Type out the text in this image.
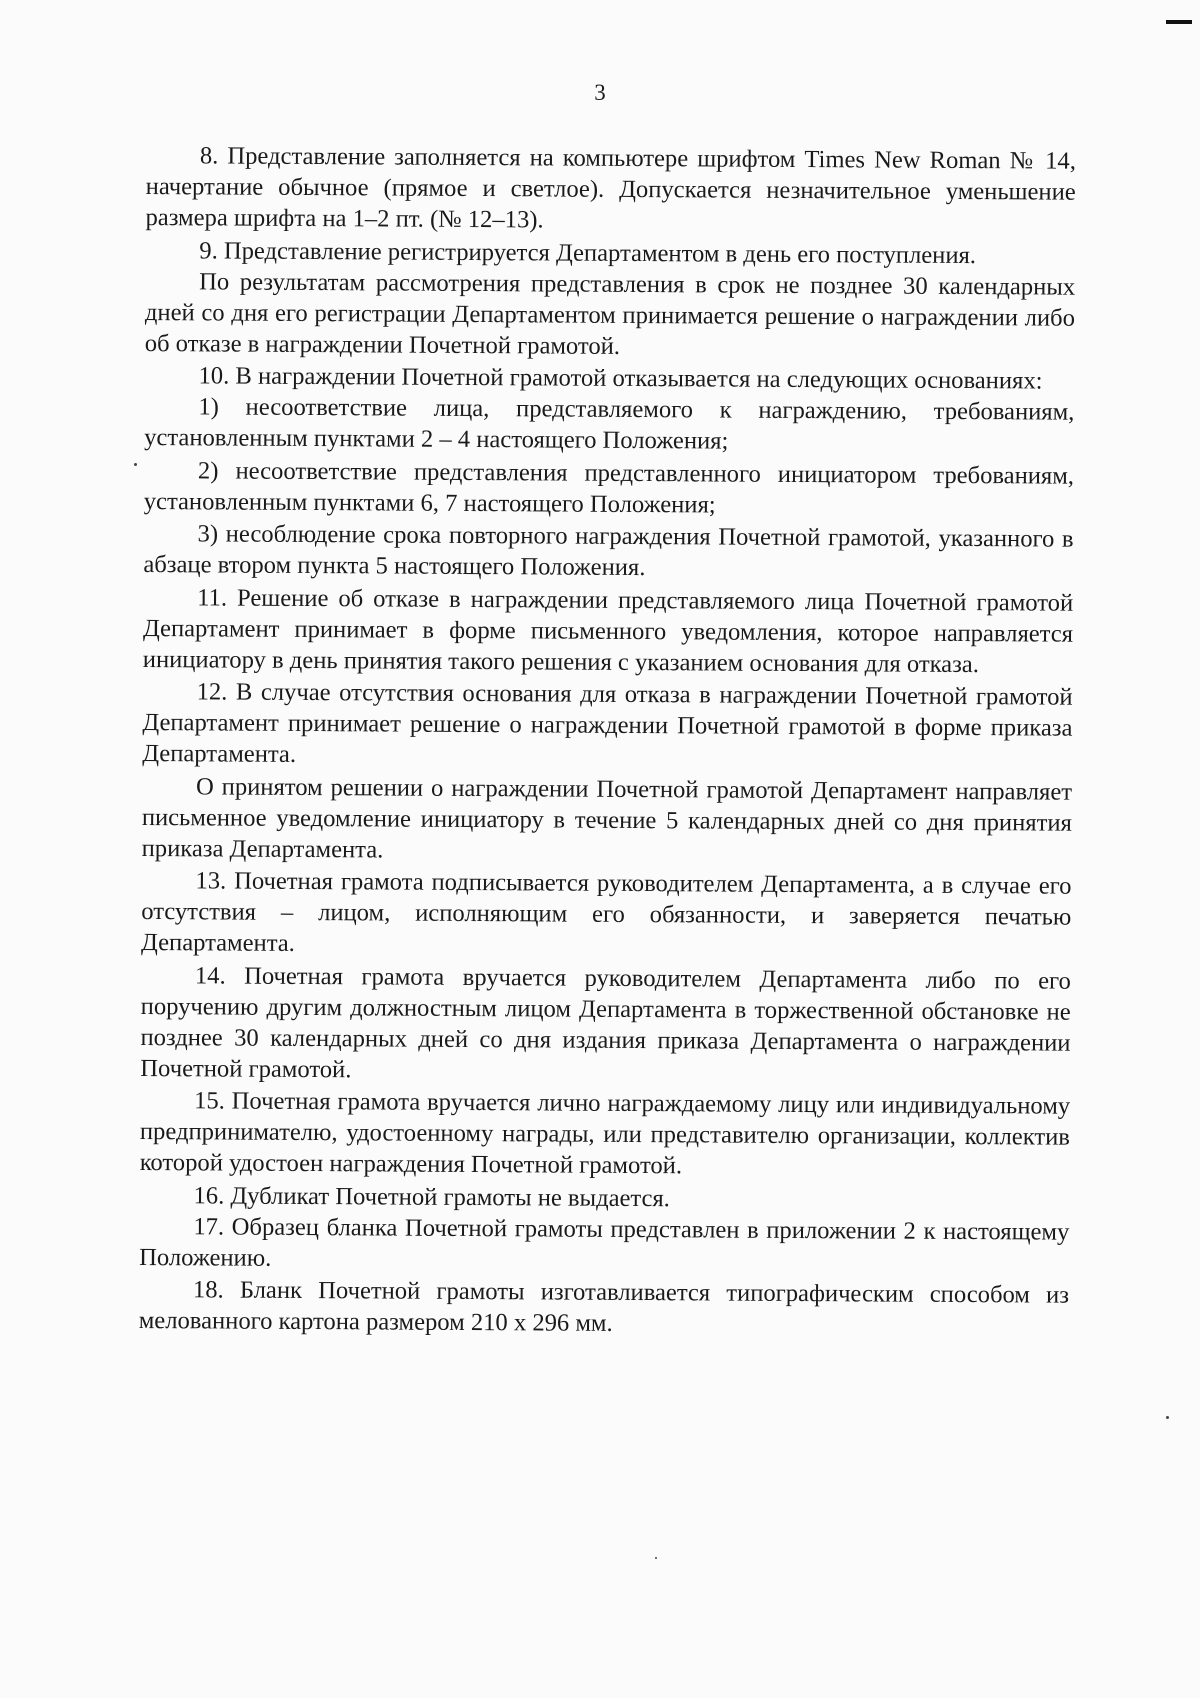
3

8. Представление заполняется на компьютере шрифтом Times New Roman № 14, начертание обычное (прямое и светлое). Допускается незначительное уменьшение размера шрифта на 1–2 пт. (№ 12–13).

9. Представление регистрируется Департаментом в день его поступления.

По результатам рассмотрения представления в срок не позднее 30 календарных дней со дня его регистрации Департаментом принимается решение о награждении либо об отказе в награждении Почетной грамотой.

10. В награждении Почетной грамотой отказывается на следующих основаниях:

1) несоответствие лица, представляемого к награждению, требованиям, установленным пунктами 2 – 4 настоящего Положения;

2) несоответствие представления представленного инициатором требованиям, установленным пунктами 6, 7 настоящего Положения;

3) несоблюдение срока повторного награждения Почетной грамотой, указанного в абзаце втором пункта 5 настоящего Положения.

11. Решение об отказе в награждении представляемого лица Почетной грамотой Департамент принимает в форме письменного уведомления, которое направляется инициатору в день принятия такого решения с указанием основания для отказа.

12. В случае отсутствия основания для отказа в награждении Почетной грамотой Департамент принимает решение о награждении Почетной грамотой в форме приказа Департамента.

О принятом решении о награждении Почетной грамотой Департамент направляет письменное уведомление инициатору в течение 5 календарных дней со дня принятия приказа Департамента.

13. Почетная грамота подписывается руководителем Департамента, а в случае его отсутствия – лицом, исполняющим его обязанности, и заверяется печатью Департамента.

14. Почетная грамота вручается руководителем Департамента либо по его поручению другим должностным лицом Департамента в торжественной обстановке не позднее 30 календарных дней со дня издания приказа Департамента о награждении Почетной грамотой.

15. Почетная грамота вручается лично награждаемому лицу или индивидуальному предпринимателю, удостоенному награды, или представителю организации, коллектив которой удостоен награждения Почетной грамотой.

16. Дубликат Почетной грамоты не выдается.

17. Образец бланка Почетной грамоты представлен в приложении 2 к настоящему Положению.

18. Бланк Почетной грамоты изготавливается типографическим способом из мелованного картона размером 210 х 296 мм.
